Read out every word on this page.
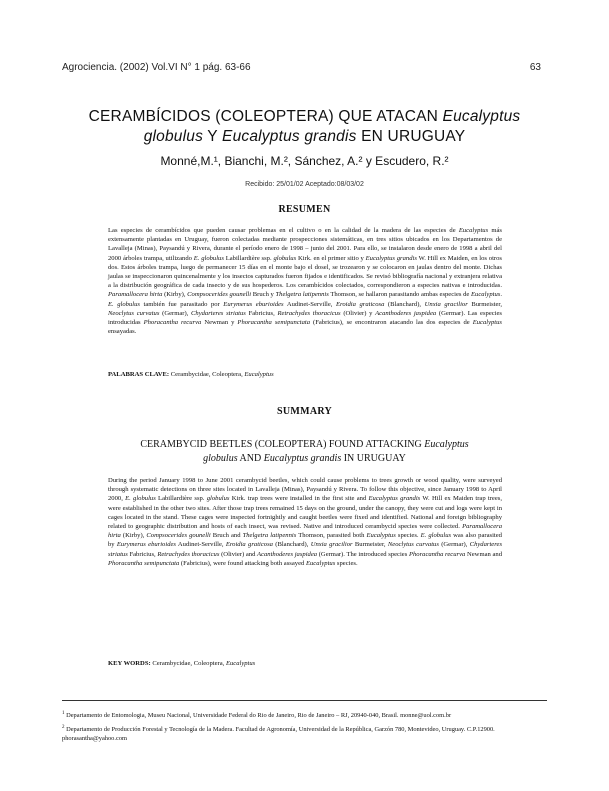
Agrociencia. (2002) Vol.VI N° 1 pág. 63-66	63
CERAMBÍCIDOS (COLEOPTERA) QUE ATACAN Eucalyptus
globulus Y Eucalyptus grandis EN URUGUAY
Monné,M.¹, Bianchi, M.², Sánchez, A.² y Escudero, R.²
Recibido: 25/01/02 Aceptado:08/03/02
RESUMEN

Las especies de cerambícidos que pueden causar problemas en el cultivo o en la calidad de la madera de las especies de Eucalyptus más extensamente plantadas en Uruguay, fueron colectadas mediante prospecciones sistemáticas, en tres sitios ubicados en los Departamentos de Lavalleja (Minas), Paysandú y Rivera, durante el período enero de 1998 – junio del 2001. Para ello, se instalaron desde enero de 1998 a abril del 2000 árboles trampa, utilizando E. globulus Labillardière ssp. globulus Kirk. en el primer sitio y Eucalyptus grandis W. Hill ex Maiden, en los otros dos. Estos árboles trampa, luego de permanecer 15 días en el monte bajo el dosel, se trozearon y se colocaron en jaulas dentro del monte. Dichas jaulas se inspeccionaron quincenalmente y los insectos capturados fueron fijados e identificados. Se revisó bibliografía nacional y extranjera relativa a la distribución geográfica de cada insecto y de sus hospederos. Los cerambícidos colectados, correspondieron a especies nativas e introducidas. Paramallocera hirta (Kirby), Compsocerides gounelli Bruch y Thelgetra latipennis Thomson, se hallaron parasitando ambas especies de Eucalyptus. E. globulus también fue parasitado por Eurymerus eburioides Audinet-Serville, Eroidia graticosa (Blanchard), Unxia gracilior Burmeister, Neoclytus curvatus (Germar), Chydarteres striatus Fabricius, Retrachydes thoracicus (Olivier) y Acanthoderes jaspidea (Germar). Las especies introducidas Phoracantha recurva Newman y Phoracantha semipunctata (Fabricius), se encontraron atacando las dos especies de Eucalyptus ensayadas.

PALABRAS CLAVE: Cerambycidae, Coleoptera, Eucalyptus
SUMMARY
CERAMBYCID BEETLES (COLEOPTERA) FOUND ATTACKING Eucalyptus
globulus AND Eucalyptus grandis IN URUGUAY

During the period January 1998 to June 2001 cerambycid beetles, which could cause problems to trees growth or wood quality, were surveyed through systematic detections on three sites located in Lavalleja (Minas), Paysandú y Rivera. To follow this objective, since January 1998 to April 2000, E. globulus Labillardière ssp. globulus Kirk. trap trees were installed in the first site and Eucalyptus grandis W. Hill ex Maiden trap trees, were established in the other two sites. After those trap trees remained 15 days on the ground, under the canopy, they were cut and logs were kept in cages located in the stand. These cages were inspected fortnightly and caught beetles were fixed and identified. National and foreign bibliography related to geographic distribution and hosts of each insect, was revised. Native and introduced cerambycid species were collected. Paramallocera hirta (Kirby), Compsocerides gounelli Bruch and Thelgetra latipennis Thomson, parasited both Eucalyptus species. E. globulus was also parasited by Eurymerus eburioides Audinet-Serville, Eroidia graticosa (Blanchard), Unxia gracilior Burmeister, Neoclytus curvatus (Germar), Chydarteres striatus Fabricius, Retrachydes thoracicus (Olivier) and Acanthoderes jaspidea (Germar). The introduced species Phoracantha recurva Newman and Phoracantha semipunctata (Fabricius), were found attacking both assayed Eucalyptus species.

KEY WORDS: Cerambycidae, Coleoptera, Eucalyptus

$^1$ Departamento de Entomologia, Museu Nacional, Universidade Federal do Rio de Janeiro, Rio de Janeiro – RJ, 20940-040, Brasil. monne@uol.com.br

$^2$ Departamento de Producción Forestal y Tecnología de la Madera. Facultad de Agronomía, Universidad de la República, Garzón 780, Montevideo, Uruguay. C.P.12900. phorasantha@yahoo.com
